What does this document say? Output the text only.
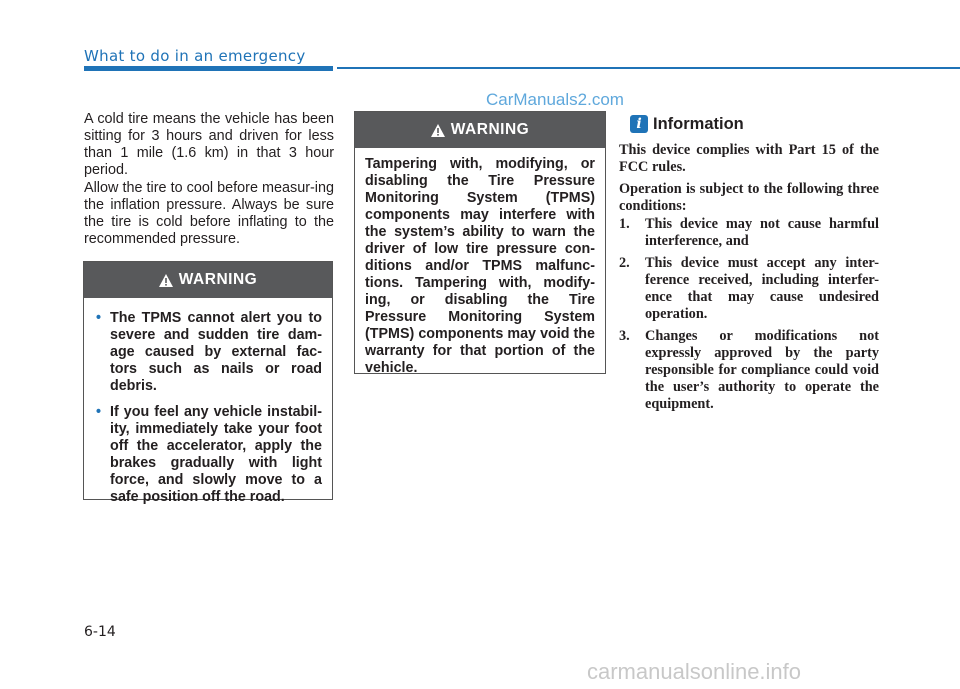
What to do in an emergency
CarManuals2.com

A cold tire means the vehicle has been sitting for 3 hours and driven for less than 1 mile (1.6 km) in that 3 hour period.

Allow the tire to cool before measur-ing the inflation pressure. Always be sure the tire is cold before inflating to the recommended pressure.

WARNING
• The TPMS cannot alert you to severe and sudden tire dam-age caused by external fac-tors such as nails or road debris.
• If you feel any vehicle instabil-ity, immediately take your foot off the accelerator, apply the brakes gradually with light force, and slowly move to a safe position off the road.
WARNING
Tampering with, modifying, or disabling the Tire Pressure Monitoring System (TPMS) components may interfere with the system’s ability to warn the driver of low tire pressure con-ditions and/or TPMS malfunc-tions. Tampering with, modify-ing, or disabling the Tire Pressure Monitoring System (TPMS) components may void the warranty for that portion of the vehicle.
i Information

This device complies with Part 15 of the FCC rules.

Operation is subject to the following three conditions:

1. This device may not cause harmful interference, and
2. This device must accept any inter-ference received, including interfer-ence that may cause undesired operation.
3. Changes or modifications not expressly approved by the party responsible for compliance could void the user’s authority to operate the equipment.
6-14
carmanualsonline.info
